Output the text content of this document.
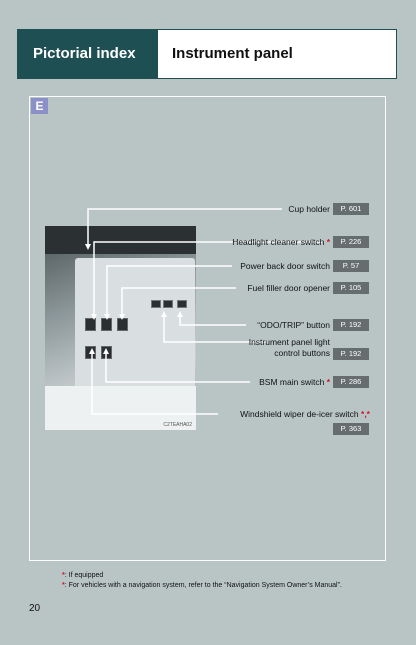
Pictorial index	Instrument panel
E
C2TEAHA02
Cup holder	P. 601
Headlight cleaner switch *	P. 226
Power back door switch	P. 57
Fuel filler door opener	P. 105
“ODO/TRIP” button	P. 192
Instrument panel light
control buttons	P. 192
BSM main switch *	P. 286
Windshield wiper de-icer switch *,*
P. 363
*: If equipped
*: For vehicles with a navigation system, refer to the “Navigation System Owner’s Manual”.
20
